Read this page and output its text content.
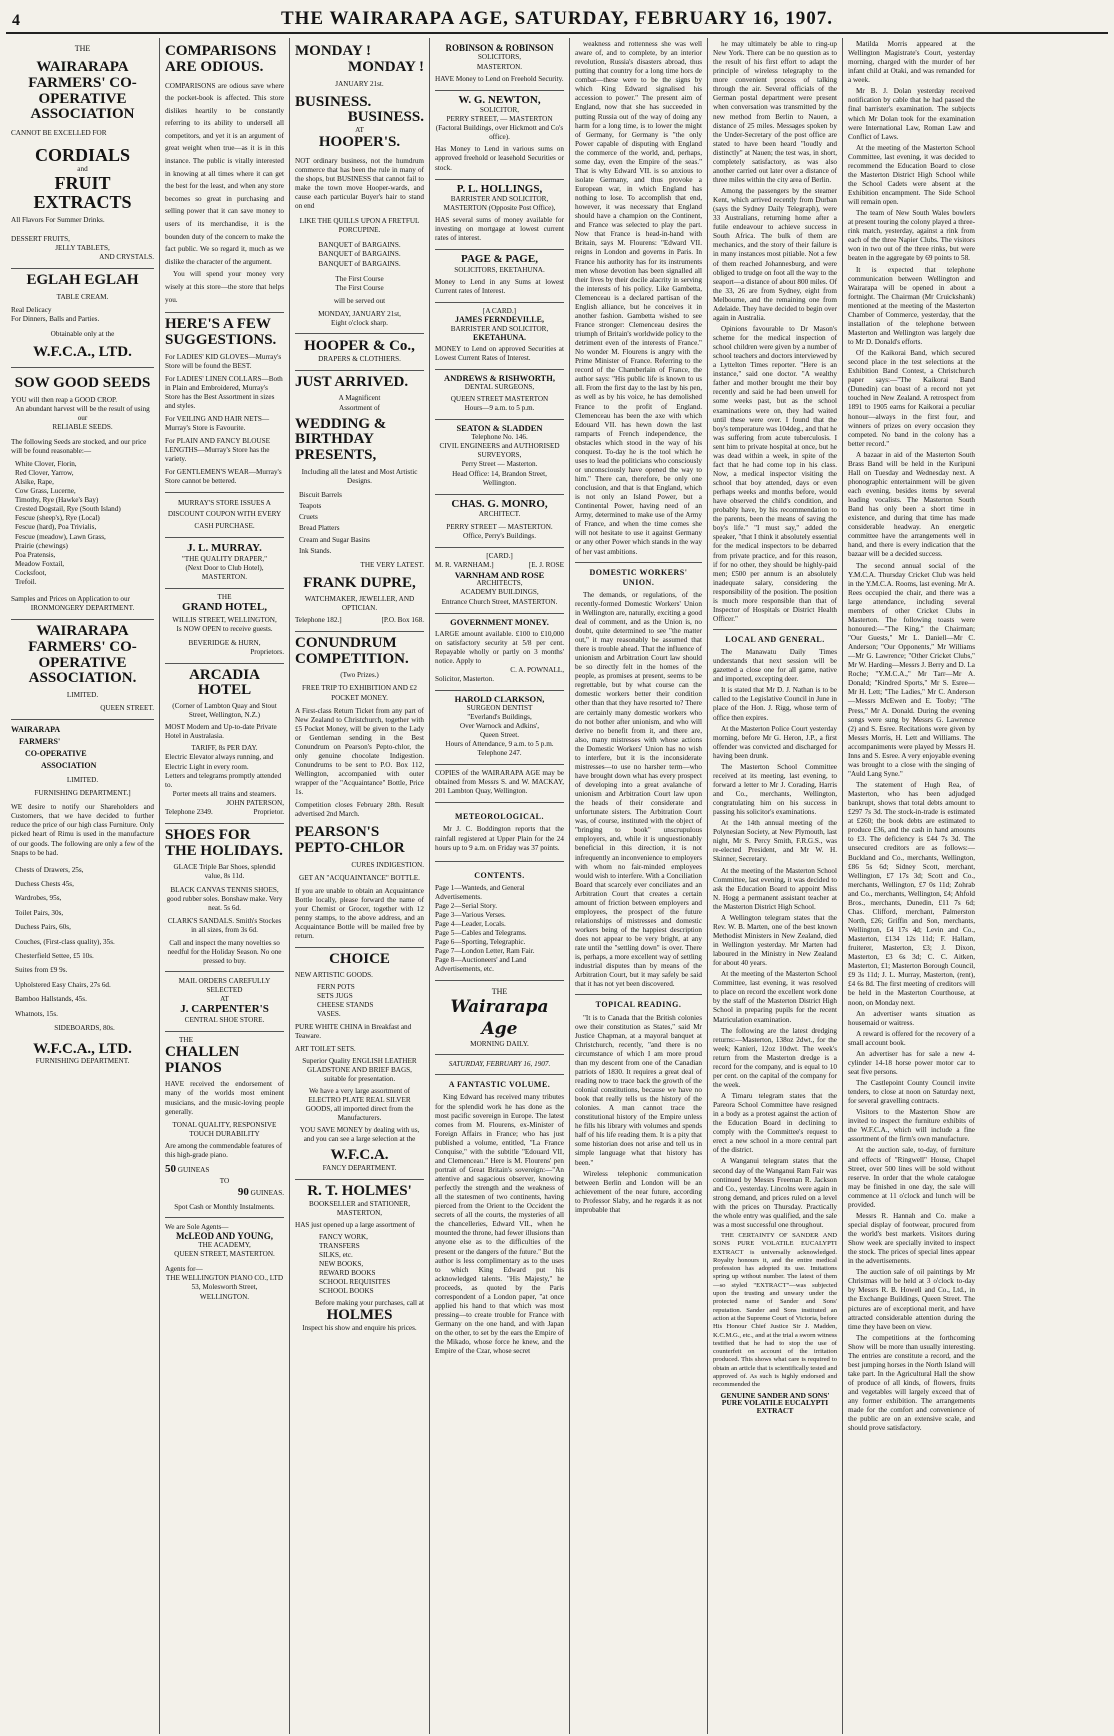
4	THE WAIRARAPA AGE, SATURDAY, FEBRUARY 16, 1907.
THE
WAIRARAPA FARMERS' CO-OPERATIVE ASSOCIATION
CANNOT BE EXCELLED FOR
CORDIALS
and
FRUIT EXTRACTS
All Flavors For Summer Drinks.
DESSERT FRUITS,
JELLY TABLETS,
AND CRYSTALS.
EGLAH EGLAH
TABLE CREAM.
Real Delicacy
For Dinners, Balls and Parties.
Obtainable only at the
W.F.C.A., LTD.
SOW GOOD SEEDS
YOU will then reap a GOOD CROP.
An abundant harvest will be the result of using our
RELIABLE SEEDS.
The following Seeds are stocked, and our price will be found reasonable:—
White Clover, Florin,
Red Clover, Yarrow,
Alsike, Rape,
Cow Grass, Lucerne,
Timothy, Rye (Hawke's Bay)
Crested Dogstail, Rye (South Island)
Fescue (sheep's), Rye (Local)
Fescue (hard), Poa Trivialis,
Fescue (meadow), Lawn Grass,
Prairie (chewings)
Poa Pratensis,
Meadow Foxtail,
Cocksfoot,
Trefoil.
Samples and Prices on Application to our
IRONMONGERY DEPARTMENT.
WAIRARAPA FARMERS' CO-OPERATIVE ASSOCIATION.
LIMITED.
QUEEN STREET.
WAIRARAPA
FARMERS'
CO-OPERATIVE
ASSOCIATION
LIMITED.
FURNISHING DEPARTMENT.]
WE desire to notify our Shareholders and Customers, that we have decided to further reduce the price of our high class Furniture. Only picked heart of Rimu is used in the manufacture of our goods. The following are only a few of the Snaps to be had.
Chests of Drawers, 25s,
Duchess Chests 45s,
Wardrobes, 95s,
Toilet Pairs, 30s,
Duchess Pairs, 60s,
Couches, (First-class quality), 35s.
Chesterfield Settee, £5 10s.
Suites from £9 9s.
Upholstered Easy Chairs, 27s 6d.
Bamboo Hallstands, 45s.
Whatnots, 15s.
SIDEBOARDS, 80s.
W.F.C.A., LTD.
FURNISHING DEPARTMENT.
COMPARISONS ARE ODIOUS.
COMPARISONS are odious save where the pocket-book is affected. This store dislikes heartily to be constantly referring to its ability to undersell all competitors, and yet it is an argument of great weight when true—as it is in this instance. The public is vitally interested in knowing at all times where it can get the best for the least, and when any store becomes so great in purchasing and selling power that it can save money to users of its merchandise, it is the bounden duty of the concern to make the fact public. We so regard it, much as we dislike the character of the argument.
You will spend your money very wisely at this store—the store that helps you.
HERE'S A FEW SUGGESTIONS.
For LADIES' KID GLOVES—Murray's Store will be found the BEST.
For LADIES' LINEN COLLARS—Both in Plain and Embroidered, Murray's Store has the Best Assortment in sizes and styles.
For VEILING AND HAIR NETS—Murray's Store is Favourite.
For PLAIN AND FANCY BLOUSE LENGTHS—Murray's Store has the variety.
For GENTLEMEN'S WEAR—Murray's Store cannot be bettered.
MURRAY'S STORE ISSUES A DISCOUNT COUPON WITH EVERY CASH PURCHASE.
J. L. MURRAY.
"THE QUALITY DRAPER,"
(Next Door to Club Hotel),
MASTERTON.
THE
GRAND HOTEL,
WILLIS STREET, WELLINGTON,
Is NOW OPEN to receive guests.
BEVERIDGE & HURN,
Proprietors.
ARCADIA HOTEL
(Corner of Lambton Quay and Stout Street, Wellington, N.Z.)
MOST Modern and Up-to-date Private Hotel in Australasia.
TARIFF, 8s PER DAY.
Electric Elevator always running, and Electric Light in every room.
Letters and telegrams promptly attended to.
Porter meets all trains and steamers.
JOHN PATERSON,
Telephone 2349.	Proprietor.
SHOES FOR THE HOLIDAYS.
GLACE Triple Bar Shoes, splendid value, 8s 11d.
BLACK CANVAS TENNIS SHOES, good rubber soles. Bonshaw make. Very neat. 5s 6d.
CLARK'S SANDALS. Smith's Stockes in all sizes, from 3s 6d.
Call and inspect the many novelties so needful for the Holiday Season. No one pressed to buy.
MAIL ORDERS CAREFULLY SELECTED
AT
J. CARPENTER'S
CENTRAL SHOE STORE.
THE
CHALLEN PIANOS
HAVE received the endorsement of many of the worlds most eminent musicians, and the music-loving people generally.
TONAL QUALITY, RESPONSIVE TOUCH DURABILITY
Are among the commendable features of this high-grade piano.
50 GUINEAS
TO
90 GUINEAS.
Spot Cash or Monthly Instalments.
We are Sole Agents—
McLEOD AND YOUNG,
THE ACADEMY,
QUEEN STREET, MASTERTON.
Agents for—
THE WELLINGTON PIANO CO., LTD
53, Molesworth Street,
WELLINGTON.
MONDAY !
MONDAY !
JANUARY 21st.
BUSINESS.
BUSINESS.
AT
HOOPER'S.
NOT ordinary business, not the humdrum commerce that has been the rule in many of the shops, but BUSINESS that cannot fail to make the town move Hooper-wards, and cause each particular Buyer's hair to stand on end
LIKE THE QUILLS UPON A FRETFUL PORCUPINE.
BANQUET of BARGAINS.
BANQUET of BARGAINS.
BANQUET of BARGAINS.
The First Course
The First Course
will be served out
MONDAY, JANUARY 21st,
Eight o'clock sharp.
HOOPER & Co.,
DRAPERS & CLOTHIERS.
JUST ARRIVED.
A Magnificent Assortment of
WEDDING & BIRTHDAY PRESENTS,
Including all the latest and Most Artistic Designs.
Biscuit Barrels
Teapots
Cruets
Bread Platters
Cream and Sugar Basins
Ink Stands.
THE VERY LATEST.
FRANK DUPRE,
WATCHMAKER, JEWELLER, AND OPTICIAN.
Telephone 182.]	[P.O. Box 168.
CONUNDRUM COMPETITION.
(Two Prizes.)
FREE TRIP TO EXHIBITION AND £2 POCKET MONEY.
A First-class Return Ticket from any part of New Zealand to Christchurch, together with £5 Pocket Money, will be given to the Lady or Gentleman sending in the Best Conundrum on Pearson's Pepto-chlor, the only genuine chocolate Indigestion. Conundrums to be sent to P.O. Box 112, Wellington, accompanied with outer wrapper of the "Acquaintance" Bottle, Price 1s.
Competition closes February 28th. Result advertised 2nd March.
PEARSON'S PEPTO-CHLOR
CURES INDIGESTION.
GET AN "ACQUAINTANCE" BOTTLE.
If you are unable to obtain an Acquaintance Bottle locally, please forward the name of your Chemist or Grocer, together with 12 penny stamps, to the above address, and an Acquaintance Bottle will be mailed free by return.
CHOICE
NEW ARTISTIC GOODS.
FERN POTS
SETS JUGS
CHEESE STANDS
VASES.
PURE WHITE CHINA in Breakfast and Teaware.
ART TOILET SETS.
Superior Quality ENGLISH LEATHER GLADSTONE AND BRIEF BAGS, suitable for presentation.
We have a very large assortment of ELECTRO PLATE REAL SILVER GOODS, all imported direct from the Manufacturers.
YOU SAVE MONEY by dealing with us, and you can see a large selection at the
W.F.C.A.
FANCY DEPARTMENT.
R. T. HOLMES'
BOOKSELLER and STATIONER,
MASTERTON,
HAS just opened up a large assortment of
FANCY WORK,
TRANSFERS
SILKS, etc.
NEW BOOKS,
REWARD BOOKS
SCHOOL REQUISITES
SCHOOL BOOKS
Before making your purchases, call at
HOLMES
Inspect his show and enquire his prices.
ROBINSON & ROBINSON
SOLICITORS,
MASTERTON.
HAVE Money to Lend on Freehold Security.
W. G. NEWTON,
SOLICITOR,
PERRY STREET, — MASTERTON
(Factoral Buildings, over Hickmott and Co's office).
Has Money to Lend in various sums on approved freehold or leasehold Securities or stock.
P. L. HOLLINGS,
BARRISTER AND SOLICITOR,
MASTERTON (Opposite Post Office),
HAS several sums of money available for investing on mortgage at lowest current rates of interest.
PAGE & PAGE,
SOLICITORS, EKETAHUNA.
Money to Lend in any Sums at lowest Current rates of Interest.
[A CARD.]
JAMES FERNDEVILLE,
BARRISTER AND SOLICITOR,
EKETAHUNA.
MONEY to Lend on approved Securities at Lowest Current Rates of Interest.
ANDREWS & RISHWORTH,
DENTAL SURGEONS,
QUEEN STREET MASTERTON
Hours—9 a.m. to 5 p.m.
SEATON & SLADDEN
Telephone No. 146.
CIVIL ENGINEERS and AUTHORISED SURVEYORS,
Perry Street — Masterton.
Head Office: 14, Brandon Street, Wellington.
CHAS. G. MONRO,
ARCHITECT.
PERRY STREET — MASTERTON.
Office, Perry's Buildings.
[CARD.]
M. R. VARNHAM.]	[E. J. ROSE
VARNHAM AND ROSE
ARCHITECTS,
ACADEMY BUILDINGS,
Entrance Church Street, MASTERTON.
GOVERNMENT MONEY.
LARGE amount available. £100 to £10,000 on satisfactory security at 5/8 per cent. Repayable wholly or partly on 3 months' notice. Apply to
C. A. POWNALL,
Solicitor, Masterton.
HAROLD CLARKSON,
SURGEON DENTIST
"Everland's Buildings,
Over Warnock and Adkins',
Queen Street.
Hours of Attendance, 9 a.m. to 5 p.m. Telephone 247.
COPIES of the WAIRARAPA AGE may be obtained from Messrs S. and W. MACKAY, 201 Lambton Quay, Wellington.
METEOROLOGICAL.
Mr J. C. Boddington reports that the rainfall registered at Upper Plain for the 24 hours up to 9 a.m. on Friday was 37 points.
CONTENTS.
Page 1—Wanteds, and General Advertisements.
Page 2—Serial Story.
Page 3—Various Verses.
Page 4—Leader, Locals.
Page 5—Cables and Telegrams.
Page 6—Sporting, Telegraphic.
Page 7—London Letter, Ram Fair.
Page 8—Auctioneers' and Land Advertisements, etc.
THE
Wairarapa Age
MORNING DAILY.
SATURDAY, FEBRUARY 16, 1907.
A FANTASTIC VOLUME.
King Edward has received many tributes for the splendid work he has done as the most pacific sovereign in Europe. The latest comes from M. Flourens, ex-Minister of Foreign Affairs in France; who has just published a volume, entitled, "La France Conquise," with the subtitle "Edouard VII, and Clemenceau." Here is M. Flourens' pen portrait of Great Britain's sovereign:—"An attentive and sagacious observer, knowing perfectly the strength and the weakness of all the statesmen of two continents, having pierced from the Orient to the Occident the secrets of all the courts, the mysteries of all the chancelleries, Edward VII., when he mounted the throne, had fewer illusions than anyone else as to the difficulties of the present or the dangers of the future." But the author is less complimentary as to the uses to which King Edward put his acknowledged talents. "His Majesty," he proceeds, as quoted by the Paris correspondent of a London paper, "at once applied his hand to that which was most pressing—to create trouble for France with Germany on the one hand, and with Japan on the other, to set by the ears the Empire of the Mikado, whose force he knew, and the Empire of the Czar, whose secret
weakness and rottenness she was well aware of, and to complete, by an interior revolution, Russia's disasters abroad, thus putting that country for a long time hors de combat—these were to be the signs by which King Edward signalised his accession to power." The present aim of England, now that she has succeeded in putting Russia out of the way of doing any harm for a long time, is to lower the might of Germany, for Germany is "the only Power capable of disputing with England the commerce of the world, and, perhaps, some day, even the Empire of the seas." That is why Edward VII. is so anxious to isolate Germany, and thus provoke a European war, in which England has nothing to lose. To accomplish that end, however, it was necessary that England should have a champion on the Continent, and France was selected to play the part. Now that France is head-in-hand with Britain, says M. Flourens: "Edward VII. reigns in London and governs in Paris. In France his authority has for its instruments men whose devotion has been signalled all their lives by their docile alacrity in serving the interests of his policy. Like Gambetta, Clemenceau is a declared partisan of the English alliance, but he conceives it in another fashion. Gambetta wished to see France stronger: Clemenceau desires the triumph of Britain's worldwide policy to the detriment even of the interests of France." No wonder M. Flourens is angry with the Prime Minister of France. Referring to the record of the Chamberlain of France, the author says: "His public life is known to us all. From the first day to the last by his pen, as well as by his voice, he has demolished France to the profit of England. Clemenceau has been the axe with which Edouard VII. has hewn down the last ramparts of French independence, the obstacles which stood in the way of his conquest. To-day he is the tool which he uses to lead the politicians who consciously or unconsciously have opened the way to him." There can, therefore, be only one conclusion, and that is that England, which is not only an Island Power, but a Continental Power, having need of an Army, determined to make use of the Army of France, and when the time comes she will not hesitate to use it against Germany or any other Power which stands in the way of her vast ambitions.
DOMESTIC WORKERS' UNION.
The demands, or regulations, of the recently-formed Domestic Workers' Union in Wellington are, naturally, exciting a good deal of comment, and as the Union is, no doubt, quite determined to see "the matter out," it may reasonably be assumed that there is trouble ahead. That the influence of unionism and Arbitration Court law should be so directly felt in the homes of the people, as promises at present, seems to be regrettable, but by what course can the domestic workers better their condition other than that they have resorted to? There are certainly many domestic workers who do not bother after unionism, and who will derive no benefit from it, and there are, also, many mistresses with whose actions the Domestic Workers' Union has no wish to interfere, but it is the inconsiderate mistresses—to use no harsher term—who have brought down what has every prospect of developing into a great avalanche of unionism and Arbitration Court law upon the heads of their considerate and unfortunate sisters. The Arbitration Court was, of course, instituted with the object of "bringing to book" unscrupulous employers, and, while it is unquestionably beneficial in this direction, it is not infrequently an inconvenience to employers with whom no fair-minded employees would wish to interfere. With a Conciliation Board that scarcely ever conciliates and an Arbitration Court that creates a certain amount of friction between employers and employees, the prospect of the future relationships of mistresses and domestic workers being of the happiest description does not appear to be very bright, at any rate until the "settling down" is over. There is, perhaps, a more excellent way of settling industrial disputes than by means of the Arbitration Court, but it may safely be said that it has not yet been discovered.
TOPICAL READING.
"It is to Canada that the British colonies owe their constitution as States," said Mr Justice Chapman, at a mayoral banquet at Christchurch, recently, "and there is no circumstance of which I am more proud than my descent from one of the Canadian patriots of 1830. It requires a great deal of reading now to trace back the growth of the colonial constitutions, because we have no book that really tells us the history of the colonies. A man cannot trace the constitutional history of the Empire unless he fills his library with volumes and spends half of his life reading them. It is a pity that some historian does not arise and tell us in simple language what that history has been."
Wireless telephonic communication between Berlin and London will be an achievement of the near future, according to Professor Slaby, and he regards it as not improbable that
he may ultimately be able to ring-up New York. There can be no question as to the result of his first effort to adapt the principle of wireless telegraphy to the more convenient process of talking through the air. Several officials of the German postal department were present when conversation was transmitted by the new method from Berlin to Nauen, a distance of 25 miles. Messages spoken by the Under-Secretary of the post office are stated to have been heard "loudly and distinctly" at Nauen; the test was, in short, completely satisfactory, as was also another carried out later over a distance of three miles within the city area of Berlin.
Among the passengers by the steamer Kent, which arrived recently from Durban (says the Sydney Daily Telegraph), were 33 Australians, returning home after a futile endeavour to achieve success in South Africa. The bulk of them are mechanics, and the story of their failure is in many instances most pitiable. Not a few of them reached Johannesburg, and were obliged to trudge on foot all the way to the seaport—a distance of about 800 miles. Of the 33, 26 are from Sydney, eight from Melbourne, and the remaining one from Adelaide. They have decided to begin over again in Australia.
Opinions favourable to Dr Mason's scheme for the medical inspection of school children were given by a number of school teachers and doctors interviewed by a Lyttelton Times reporter. "Here is an instance," said one doctor. "A wealthy father and mother brought me their boy recently and said he had been unwell for some weeks past, but as the school examinations were on, they had waited until these were over. I found that the boy's temperature was 104deg., and that he was suffering from acute tuberculosis. I sent him to private hospital at once, but he was dead within a week, in spite of the fact that he had come top in his class. Now, a medical inspector visiting the school that boy attended, days or even perhaps weeks and months before, would have observed the child's condition, and probably have, by his recommendation to the parents, been the means of saving the boy's life." "I must say," added the speaker, "that I think it absolutely essential for the medical inspectors to be debarred from private practice, and for this reason, if for no other, they should be highly-paid men; £500 per annum is an absolutely inadequate salary, considering the responsibility of the position. The position is much more responsible than that of Inspector of Hospitals or District Health Officer."
LOCAL AND GENERAL.
The Manawatu Daily Times understands that next session will be gazetted a close one for all game, native and imported, excepting deer.
It is stated that Mr D. J. Nathan is to be called to the Legislative Council in June in place of the Hon. J. Rigg, whose term of office then expires.
At the Masterton Police Court yesterday morning, before Mr G. Heron, J.P., a first offender was convicted and discharged for having been drunk.
The Masterton School Committee received at its meeting, last evening, to forward a letter to Mr J. Corading, Harris and Co., merchants, Wellington, congratulating him on his success in passing his solicitor's examinations.
At the 14th annual meeting of the Polynesian Society, at New Plymouth, last night, Mr S. Percy Smith, F.R.G.S., was re-elected President, and Mr W. H. Skinner, Secretary.
At the meeting of the Masterton School Committee, last evening, it was decided to ask the Education Board to appoint Miss N. Hogg a permanent assistant teacher at the Masterton District High School.
A Wellington telegram states that the Rev. W. B. Marten, one of the best known Methodist Ministers in New Zealand, died in Wellington yesterday. Mr Marten had laboured in the Ministry in New Zealand for about 40 years.
At the meeting of the Masterton School Committee, last evening, it was resolved to place on record the excellent work done by the staff of the Masterton District High School in preparing pupils for the recent Matriculation examination.
The following are the latest dredging returns:—Masterton, 138oz 2dwt., for the week; Kanieri, 12oz 10dwt. The week's return from the Masterton dredge is a record for the company, and is equal to 10 per cent. on the capital of the company for the week.
A Timaru telegram states that the Pareora School Committee have resigned in a body as a protest against the action of the Education Board in declining to comply with the Committee's request to erect a new school in a more central part of the district.
A Wanganui telegram states that the second day of the Wanganui Ram Fair was continued by Messrs Freeman R. Jackson and Co., yesterday. Lincolns were again in strong demand, and prices ruled on a level with the prices on Thursday. Practically the whole entry was qualified, and the sale was a most successful one throughout.
THE CERTAINTY OF SANDER AND SONS PURE VOLATILE EUCALYPTI EXTRACT is universally acknowledged. Royalty honours it, and the entire medical profession has adopted its use. Imitations spring up without number. The latest of them—so styled "EXTRACT"—was subjected upon the trusting and unwary under the protected name of Sander and Sons' reputation. Sander and Sons instituted an action at the Supreme Court of Victoria, before His Honour Chief Justice Sir J. Madden, K.C.M.G., etc., and at the trial a sworn witness testified that he had to stop the use of counterfeit on account of the irritation produced. This shows what care is required to obtain an article that is scientifically tested and approved of. As such is highly endorsed and recommended the
GENUINE SANDER AND SONS' PURE VOLATILE EUCALYPTI EXTRACT
Matilda Morris appeared at the Wellington Magistrate's Court, yesterday morning, charged with the murder of her infant child at Otaki, and was remanded for a week.
Mr B. J. Dolan yesterday received notification by cable that he had passed the final barrister's examination. The subjects which Mr Dolan took for the examination were International Law, Roman Law and Conflict of Laws.
At the meeting of the Masterton School Committee, last evening, it was decided to recommend the Education Board to close the Masterton District High School while the School Cadets were absent at the Exhibition encampment. The Side School will remain open.
The team of New South Wales bowlers at present touring the colony played a three-rink match, yesterday, against a rink from each of the three Napier Clubs. The visitors won in two out of the three rinks, but were beaten in the aggregate by 69 points to 58.
It is expected that telephone communication between Wellington and Wairarapa will be opened in about a fortnight. The Chairman (Mr Cruickshank) mentioned at the meeting of the Masterton Chamber of Commerce, yesterday, that the installation of the telephone between Masterton and Wellington was largely due to Mr D. Donald's efforts.
Of the Kaikorai Band, which secured second place in the test selections at the Exhibition Band Contest, a Christchurch paper says:—"The Kaikorai Band (Dunedin) can boast of a record not yet touched in New Zealand. A retrospect from 1891 to 1905 earns for Kaikorai a peculiar honour—always in the first four, and winners of prizes on every occasion they competed. No band in the colony has a better record."
A bazaar in aid of the Masterton South Brass Band will be held in the Kuripuni Hall on Tuesday and Wednesday next. A phonographic entertainment will be given each evening, besides items by several leading vocalists. The Masterton South Band has only been a short time in existence, and during that time has made considerable headway. An energetic committee have the arrangements well in hand, and there is every indication that the bazaar will be a decided success.
The second annual social of the Y.M.C.A. Thursday Cricket Club was held in the Y.M.C.A. Rooms, last evening. Mr A. Rees occupied the chair, and there was a large attendance, including several members of other Cricket Clubs in Masterton. The following toasts were honoured:—"The King," the Chairman; "Our Guests," Mr L. Daniell—Mr C. Anderson; "Our Opponents," Mr Williams—Mr G. Lawrence; "Other Cricket Clubs," Mr W. Harding—Messrs J. Berry and D. La Roche; "Y.M.C.A.," Mr Tarr—Mr A. Donald; "Kindred Sports," Mr S. Esree—Mr H. Lett; "The Ladies," Mr C. Anderson—Messrs McEwen and E. Tooby; "The Press," Mr A. Donald. During the evening songs were sung by Messrs G. Lawrence (2) and S. Esree. Recitations were given by Messrs Morris, H. Lett and Williams. The accompaniments were played by Messrs H. Inns and S. Esree. A very enjoyable evening was brought to a close with the singing of "Auld Lang Syne."
The statement of Hugh Rea, of Masterton, who has been adjudged bankrupt, shows that total debts amount to £297 7s 3d. The stock-in-trade is estimated at £260; the book debts are estimated to produce £36, and the cash in hand amounts to £3. The deficiency is £44 7s 3d. The unsecured creditors are as follows:—Buckland and Co., merchants, Wellington, £86 5s 6d; Sidney Scott, merchant, Wellington, £7 17s 3d; Scott and Co., merchants, Wellington, £7 0s 11d; Zohrab and Co., merchants, Wellington, £4; Ahfold Bros., merchants, Dunedin, £11 7s 6d; Chas. Clifford, merchant, Palmerston North, £26; Griffin and Son, merchants, Wellington, £4 17s 4d; Levin and Co., Masterton, £134 12s 11d; F. Hallam, fruiterer, Masterton, £3; J. Dixon, Masterton, £3 6s 3d; C. C. Aitken, Masterton, £1; Masterton Borough Council, £9 3s 11d; J. L. Murray, Masterton, (rent), £4 6s 8d. The first meeting of creditors will be held in the Masterton Courthouse, at noon, on Monday next.
An advertiser wants situation as housemaid or waitress.
A reward is offered for the recovery of a small account book.
An advertiser has for sale a new 4-cylinder 14-18 horse power motor car to seat five persons.
The Castlepoint County Council invite tenders, to close at noon on Saturday next, for several gravelling contracts.
Visitors to the Masterton Show are invited to inspect the furniture exhibits of the W.F.C.A., which will include a fine assortment of the firm's own manufacture.
At the auction sale, to-day, of furniture and effects of "Ringwell" House, Chapel Street, over 500 lines will be sold without reserve. In order that the whole catalogue may be finished in one day, the sale will commence at 11 o'clock and lunch will be provided.
Messrs R. Hannah and Co. make a special display of footwear, procured from the world's best markets. Visitors during Show week are specially invited to inspect the stock. The prices of special lines appear in the advertisements.
The auction sale of oil paintings by Mr Christmas will be held at 3 o'clock to-day by Messrs R. B. Howell and Co., Ltd., in the Exchange Buildings, Queen Street. The pictures are of exceptional merit, and have attracted considerable attention during the time they have been on view.
The competitions at the forthcoming Show will be more than usually interesting. The entries are constitute a record, and the best jumping horses in the North Island will take part. In the Agricultural Hall the show of produce of all kinds, of flowers, fruits and vegetables will largely exceed that of any former exhibition. The arrangements made for the comfort and convenience of the public are on an extensive scale, and should prove satisfactory.
